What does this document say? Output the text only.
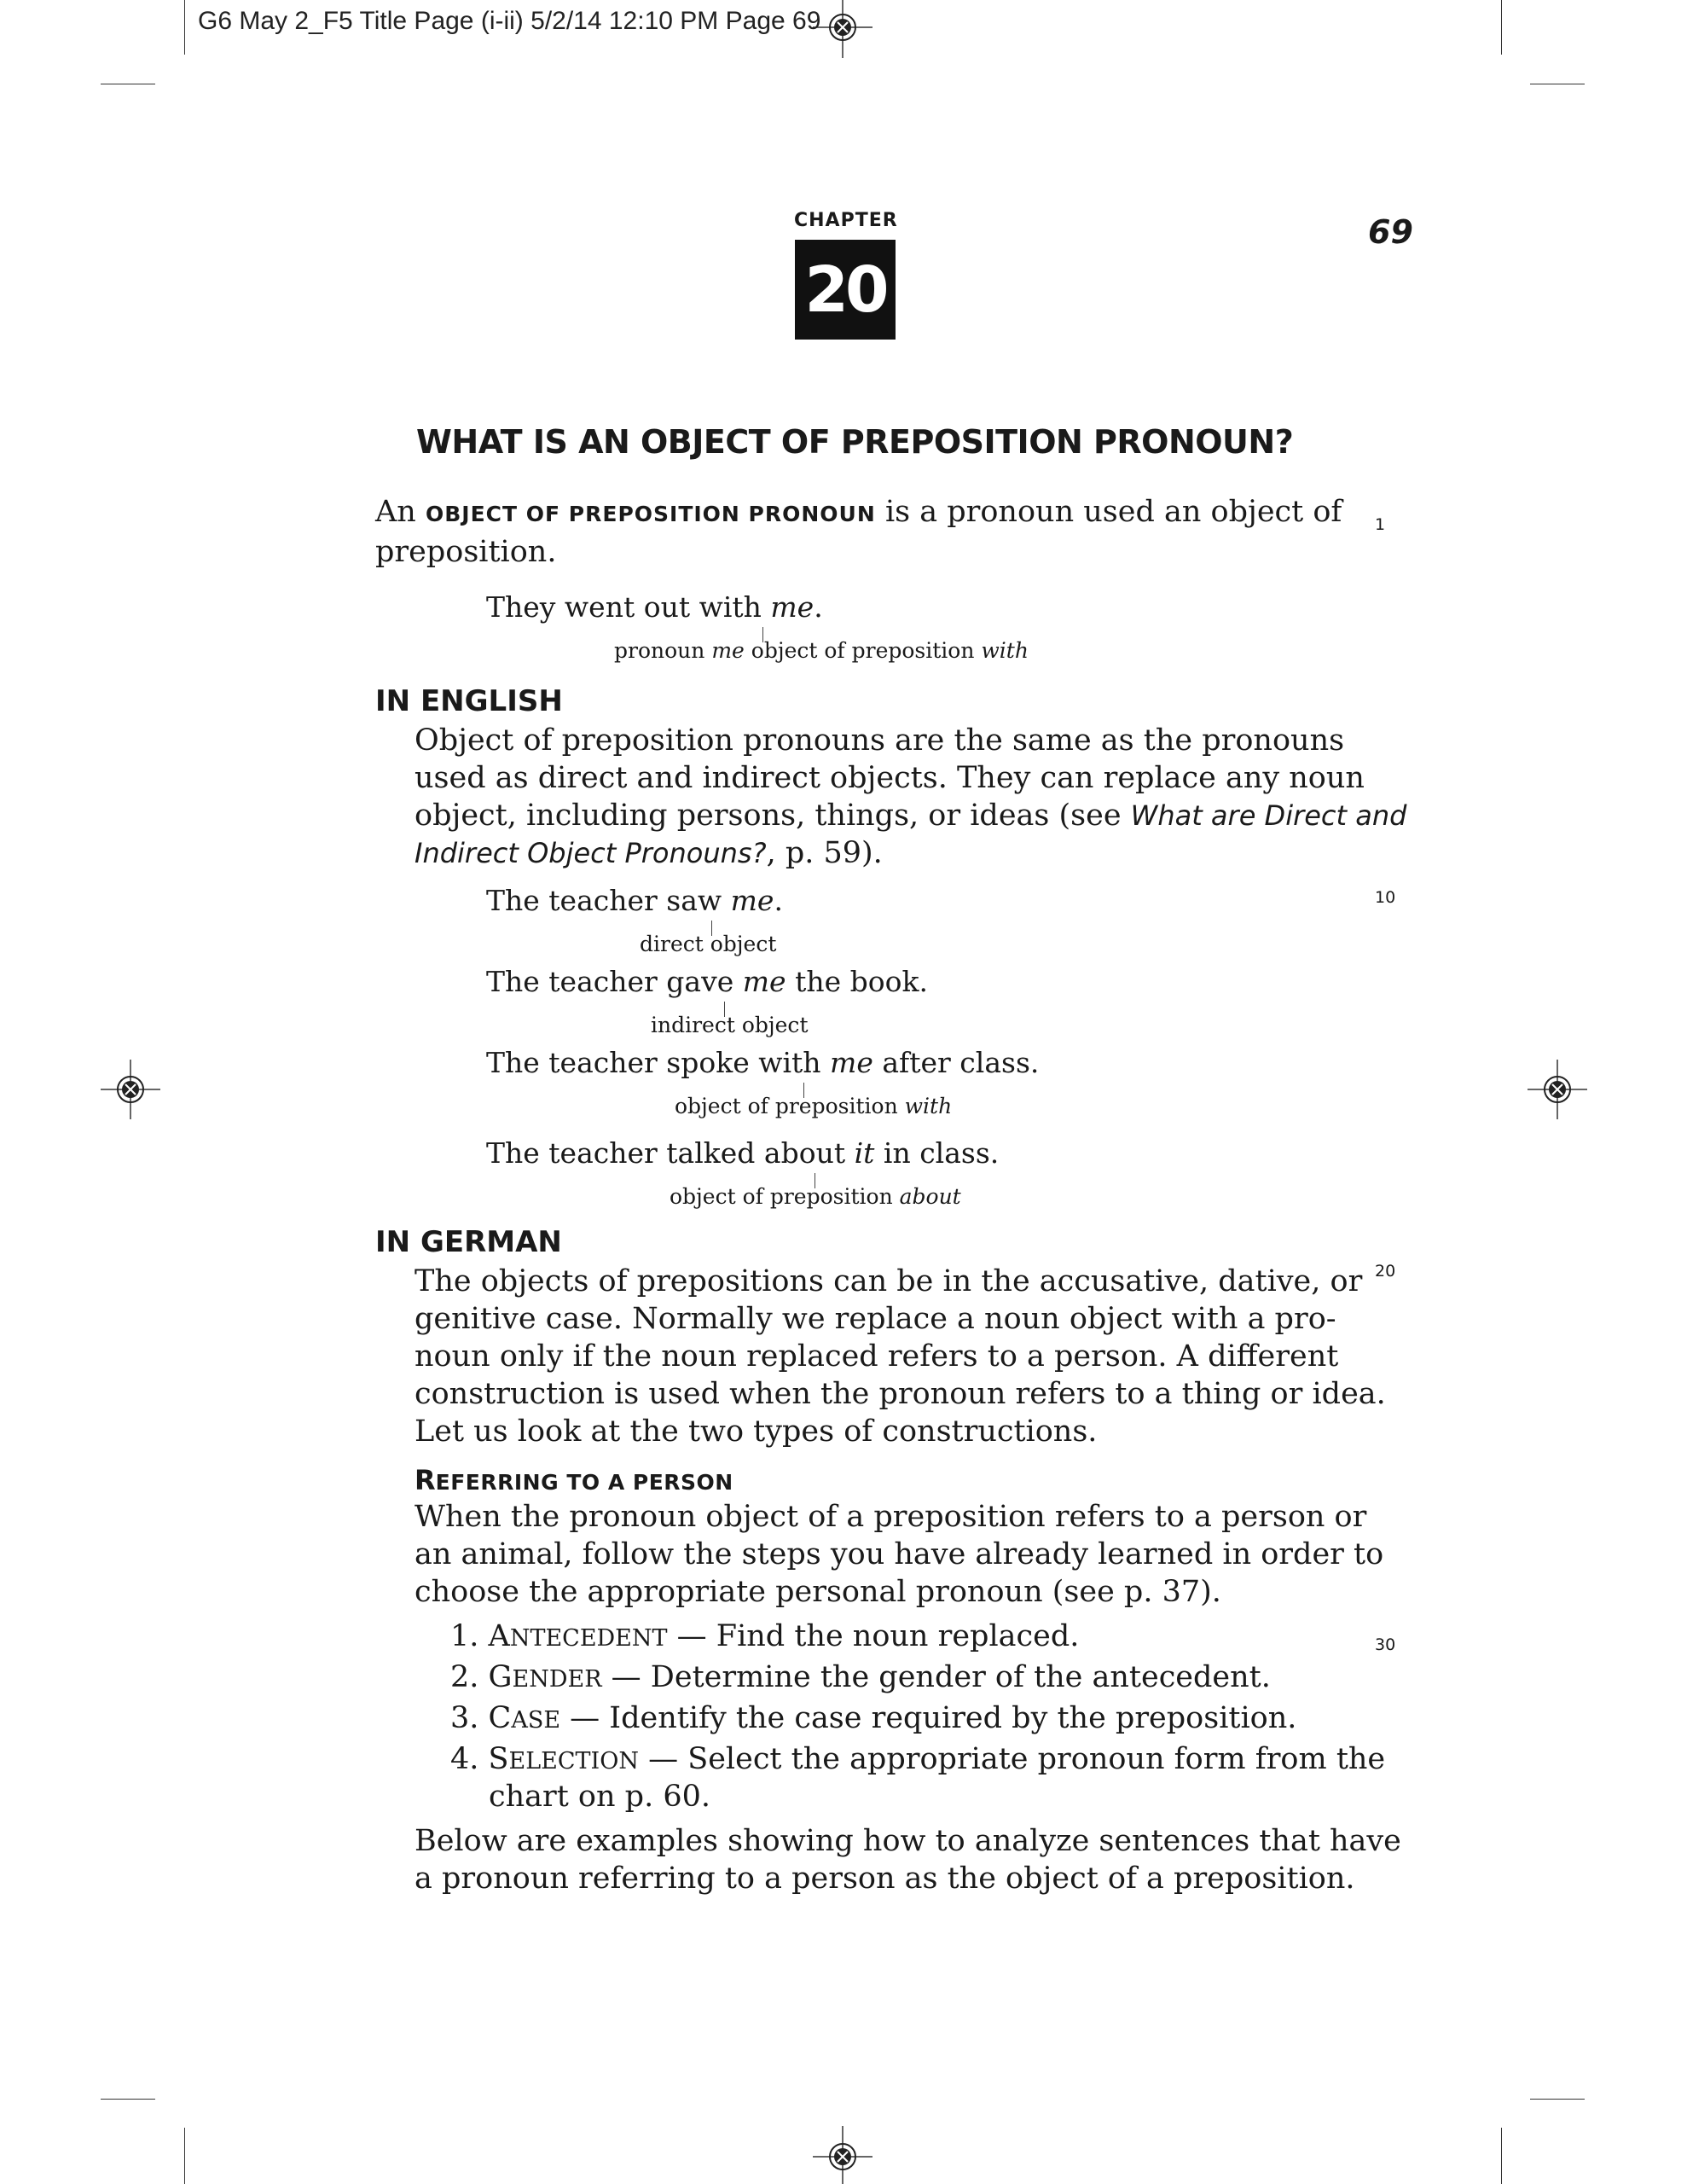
G6 May 2_F5 Title Page (i-ii) 5/2/14 12:10 PM Page 69
CHAPTER
20
69
WHAT IS AN OBJECT OF PREPOSITION PRONOUN?
An OBJECT OF PREPOSITION PRONOUN is a pronoun used an object of
preposition.
They went out with me.
pronoun me object of preposition with
IN ENGLISH
Object of preposition pronouns are the same as the pronouns
used as direct and indirect objects. They can replace any noun
object, including persons, things, or ideas (see What are Direct and
Indirect Object Pronouns?, p. 59).
The teacher saw me.
direct object
The teacher gave me the book.
indirect object
The teacher spoke with me after class.
object of preposition with
The teacher talked about it in class.
object of preposition about
IN GERMAN
The objects of prepositions can be in the accusative, dative, or
genitive case. Normally we replace a noun object with a pro-
noun only if the noun replaced refers to a person. A different
construction is used when the pronoun refers to a thing or idea.
Let us look at the two types of constructions.
REFERRING TO A PERSON
When the pronoun object of a preposition refers to a person or
an animal, follow the steps you have already learned in order to
choose the appropriate personal pronoun (see p. 37).
1. ANTECEDENT — Find the noun replaced.
2. GENDER — Determine the gender of the antecedent.
3. CASE — Identify the case required by the preposition.
4. SELECTION — Select the appropriate pronoun form from the
chart on p. 60.
Below are examples showing how to analyze sentences that have
a pronoun referring to a person as the object of a preposition.
1
10
20
30
